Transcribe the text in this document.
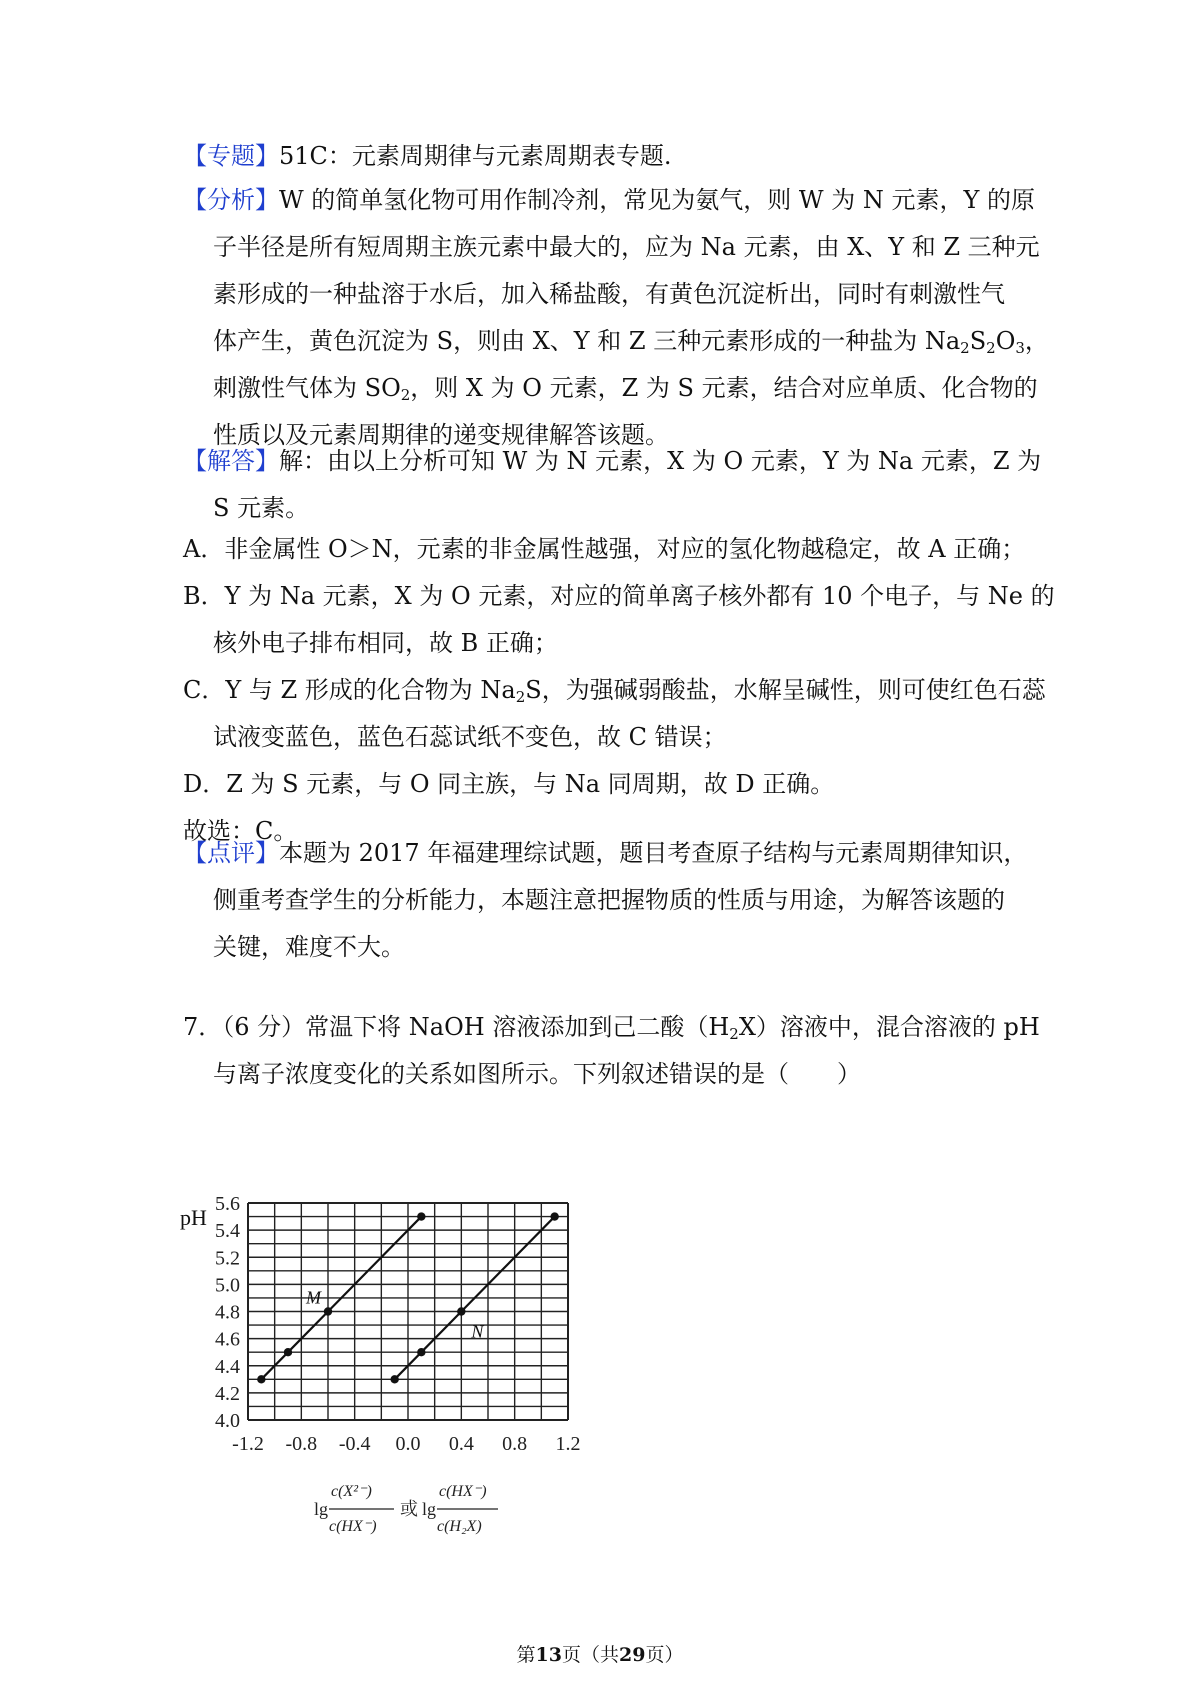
【专题】51C：元素周期律与元素周期表专题.
【分析】W 的简单氢化物可用作制冷剂，常见为氨气，则 W 为 N 元素，Y 的原
子半径是所有短周期主族元素中最大的，应为 Na 元素，由 X、Y 和 Z 三种元
素形成的一种盐溶于水后，加入稀盐酸，有黄色沉淀析出，同时有刺激性气
体产生，黄色沉淀为 S，则由 X、Y 和 Z 三种元素形成的一种盐为 $Na_2S_2O_3$，
刺激性气体为 $SO_2$，则 X 为 O 元素，Z 为 S 元素，结合对应单质、化合物的
性质以及元素周期律的递变规律解答该题。
【解答】解：由以上分析可知 W 为 N 元素，X 为 O 元素，Y 为 Na 元素，Z 为
S 元素。
A．非金属性 O＞N，元素的非金属性越强，对应的氢化物越稳定，故 A 正确；
B．Y 为 Na 元素，X 为 O 元素，对应的简单离子核外都有 10 个电子，与 Ne 的
核外电子排布相同，故 B 正确；
C．Y 与 Z 形成的化合物为 $Na_2S$，为强碱弱酸盐，水解呈碱性，则可使红色石蕊
试液变蓝色，蓝色石蕊试纸不变色，故 C 错误；
D．Z 为 S 元素，与 O 同主族，与 Na 同周期，故 D 正确。
故选：C。
【点评】本题为 2017 年福建理综试题，题目考查原子结构与元素周期律知识，
侧重考查学生的分析能力，本题注意把握物质的性质与用途，为解答该题的
关键，难度不大。
7．（6 分）常温下将 NaOH 溶液添加到己二酸$(H_2X)$溶液中，混合溶液的 pH
与离子浓度变化的关系如图所示。下列叙述错误的是（　　）
4.0
4.2
4.4
4.6
4.8
5.0
5.2
5.4
5.6
-1.2 -0.8 -0.4 0.0 0.4 0.8 1.2
M
N
pH
lg
c(X²⁻)
c(HX⁻)
或 lg
c(HX⁻)
c(H₂X)
第13页（共29页）
